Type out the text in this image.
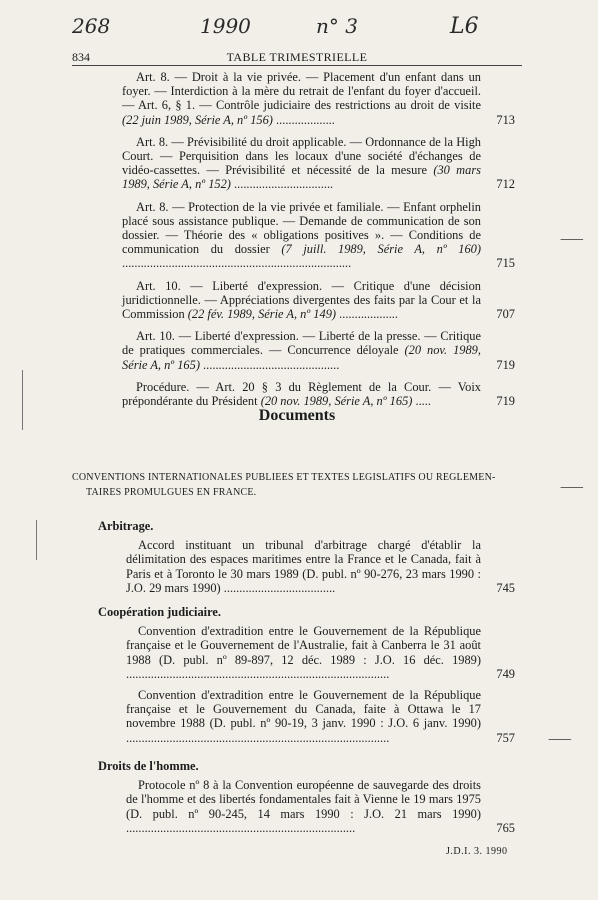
268	1990	n° 3	L6
834	TABLE TRIMESTRIELLE
Art. 8. — Droit à la vie privée. — Placement d'un enfant dans un foyer. — Interdiction à la mère du retrait de l'enfant du foyer d'accueil. — Art. 6, § 1. — Contrôle judiciaire des restrictions au droit de visite (22 juin 1989, Série A, nº 156) ...................	713
Art. 8. — Prévisibilité du droit applicable. — Ordonnance de la High Court. — Perquisition dans les locaux d'une société d'échanges de vidéo-cassettes. — Prévisibilité et nécessité de la mesure (30 mars 1989, Série A, nº 152) ................................	712
Art. 8. — Protection de la vie privée et familiale. — Enfant orphelin placé sous assistance publique. — Demande de communication de son dossier. — Théorie des « obligations positives ». — Conditions de communication du dossier (7 juill. 1989, Série A, nº 160) ..........................................................................	715
Art. 10. — Liberté d'expression. — Critique d'une décision juridictionnelle. — Appréciations divergentes des faits par la Cour et la Commission (22 fév. 1989, Série A, nº 149) ...................	707
Art. 10. — Liberté d'expression. — Liberté de la presse. — Critique de pratiques commerciales. — Concurrence déloyale (20 nov. 1989, Série A, nº 165) ............................................	719
Procédure. — Art. 20 § 3 du Règlement de la Cour. — Voix prépondérante du Président (20 nov. 1989, Série A, nº 165) .....	719
Documents
CONVENTIONS INTERNATIONALES PUBLIEES ET TEXTES LEGISLATIFS OU REGLEMEN-
TAIRES PROMULGUES EN FRANCE.
Arbitrage.
Accord instituant un tribunal d'arbitrage chargé d'établir la délimitation des espaces maritimes entre la France et le Canada, fait à Paris et à Toronto le 30 mars 1989 (D. publ. nº 90-276, 23 mars 1990 : J.O. 29 mars 1990) ....................................	745
Coopération judiciaire.
Convention d'extradition entre le Gouvernement de la République française et le Gouvernement de l'Australie, fait à Canberra le 31 août 1988 (D. publ. nº 89-897, 12 déc. 1989 : J.O. 16 déc. 1989) .....................................................................................	749
Convention d'extradition entre le Gouvernement de la République française et le Gouvernement du Canada, faite à Ottawa le 17 novembre 1988 (D. publ. nº 90-19, 3 janv. 1990 : J.O. 6 janv. 1990) .....................................................................................	757
Droits de l'homme.
Protocole nº 8 à la Convention européenne de sauvegarde des droits de l'homme et des libertés fondamentales fait à Vienne le 19 mars 1975 (D. publ. nº 90-245, 14 mars 1990 : J.O. 21 mars 1990) ..........................................................................	765
J.D.I. 3. 1990
⸺
⸺
⸺
